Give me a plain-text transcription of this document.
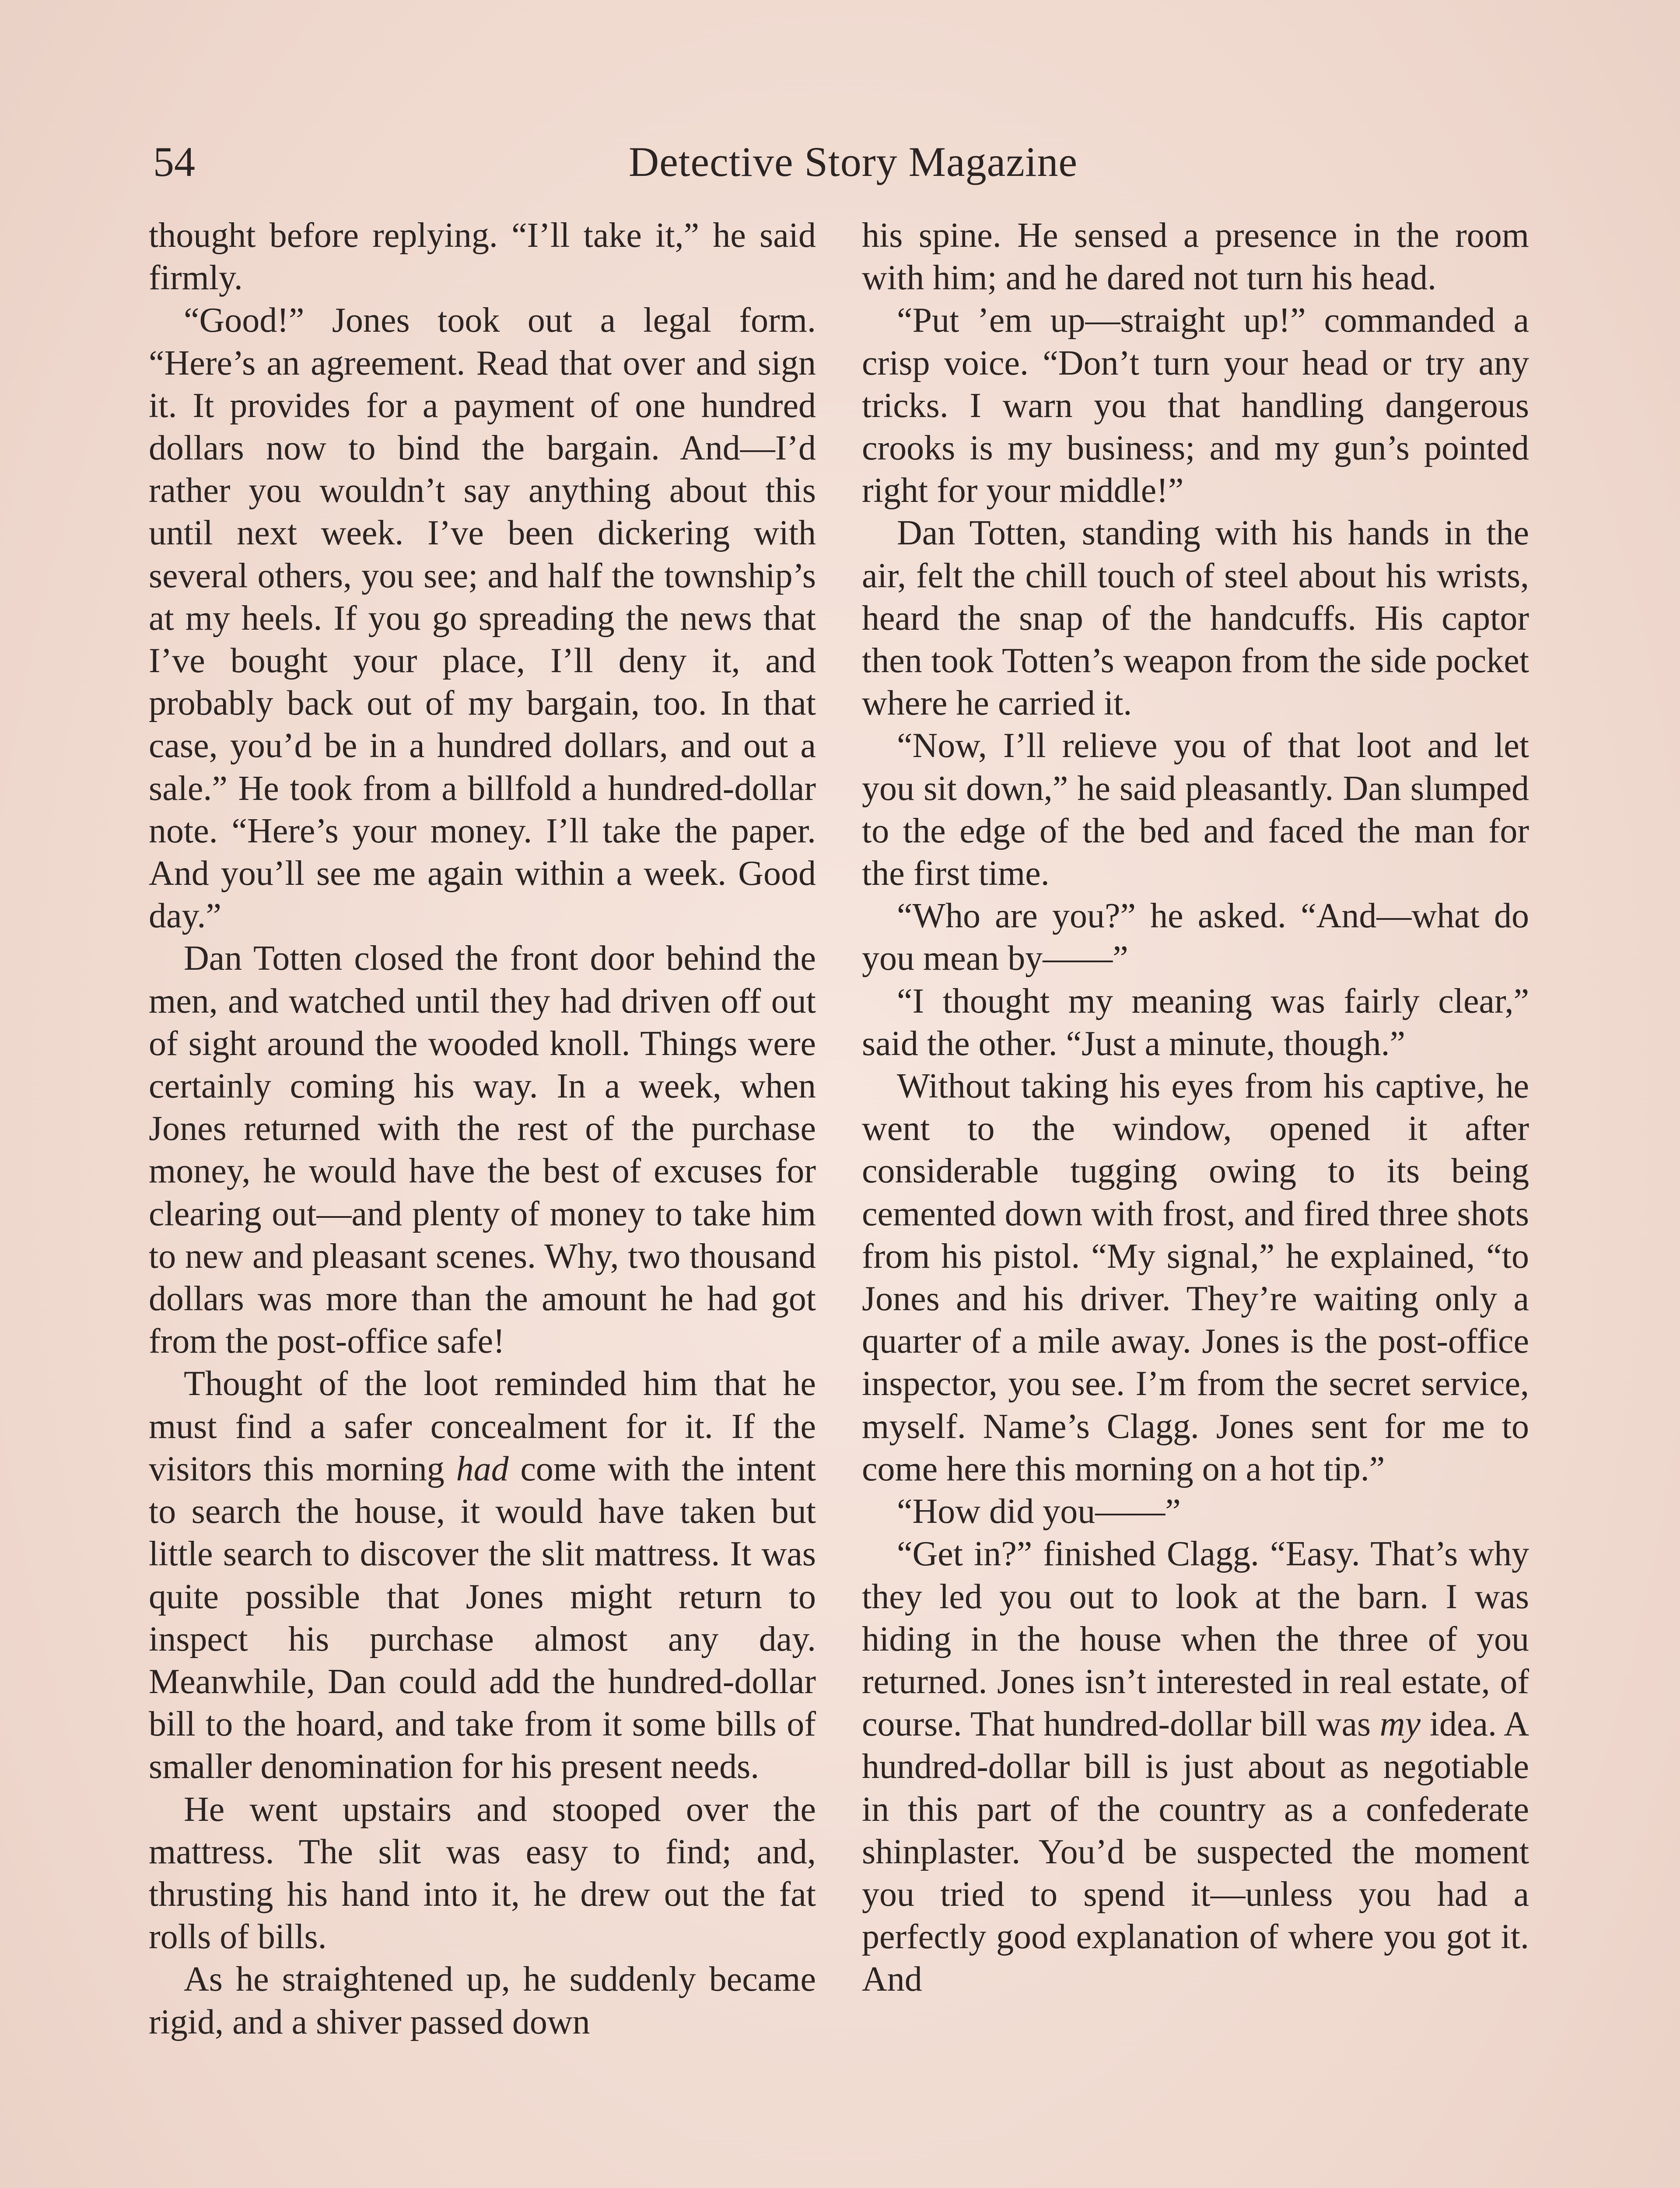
54	Detective Story Magazine

thought before replying. “I’ll take it,” he said firmly.

“Good!” Jones took out a legal form. “Here’s an agreement. Read that over and sign it. It provides for a payment of one hundred dollars now to bind the bargain. And—I’d rather you wouldn’t say anything about this until next week. I’ve been dickering with several others, you see; and half the township’s at my heels. If you go spreading the news that I’ve bought your place, I’ll deny it, and probably back out of my bargain, too. In that case, you’d be in a hundred dollars, and out a sale.” He took from a billfold a hundred-dollar note. “Here’s your money. I’ll take the paper. And you’ll see me again within a week. Good day.”

Dan Totten closed the front door behind the men, and watched until they had driven off out of sight around the wooded knoll. Things were certainly coming his way. In a week, when Jones returned with the rest of the purchase money, he would have the best of excuses for clearing out—and plenty of money to take him to new and pleasant scenes. Why, two thousand dollars was more than the amount he had got from the post-office safe!

Thought of the loot reminded him that he must find a safer concealment for it. If the visitors this morning had come with the intent to search the house, it would have taken but little search to discover the slit mattress. It was quite possible that Jones might return to inspect his purchase almost any day. Meanwhile, Dan could add the hundred-dollar bill to the hoard, and take from it some bills of smaller denomination for his present needs.

He went upstairs and stooped over the mattress. The slit was easy to find; and, thrusting his hand into it, he drew out the fat rolls of bills.

As he straightened up, he suddenly became rigid, and a shiver passed down

his spine. He sensed a presence in the room with him; and he dared not turn his head.

“Put ’em up—straight up!” commanded a crisp voice. “Don’t turn your head or try any tricks. I warn you that handling dangerous crooks is my business; and my gun’s pointed right for your middle!”

Dan Totten, standing with his hands in the air, felt the chill touch of steel about his wrists, heard the snap of the handcuffs. His captor then took Totten’s weapon from the side pocket where he carried it.

“Now, I’ll relieve you of that loot and let you sit down,” he said pleasantly. Dan slumped to the edge of the bed and faced the man for the first time.

“Who are you?” he asked. “And—what do you mean by——”

“I thought my meaning was fairly clear,” said the other. “Just a minute, though.”

Without taking his eyes from his captive, he went to the window, opened it after considerable tugging owing to its being cemented down with frost, and fired three shots from his pistol. “My signal,” he explained, “to Jones and his driver. They’re waiting only a quarter of a mile away. Jones is the post-office inspector, you see. I’m from the secret service, myself. Name’s Clagg. Jones sent for me to come here this morning on a hot tip.”

“How did you——”

“Get in?” finished Clagg. “Easy. That’s why they led you out to look at the barn. I was hiding in the house when the three of you returned. Jones isn’t interested in real estate, of course. That hundred-dollar bill was my idea. A hundred-dollar bill is just about as negotiable in this part of the country as a confederate shinplaster. You’d be suspected the moment you tried to spend it—unless you had a perfectly good explanation of where you got it. And
